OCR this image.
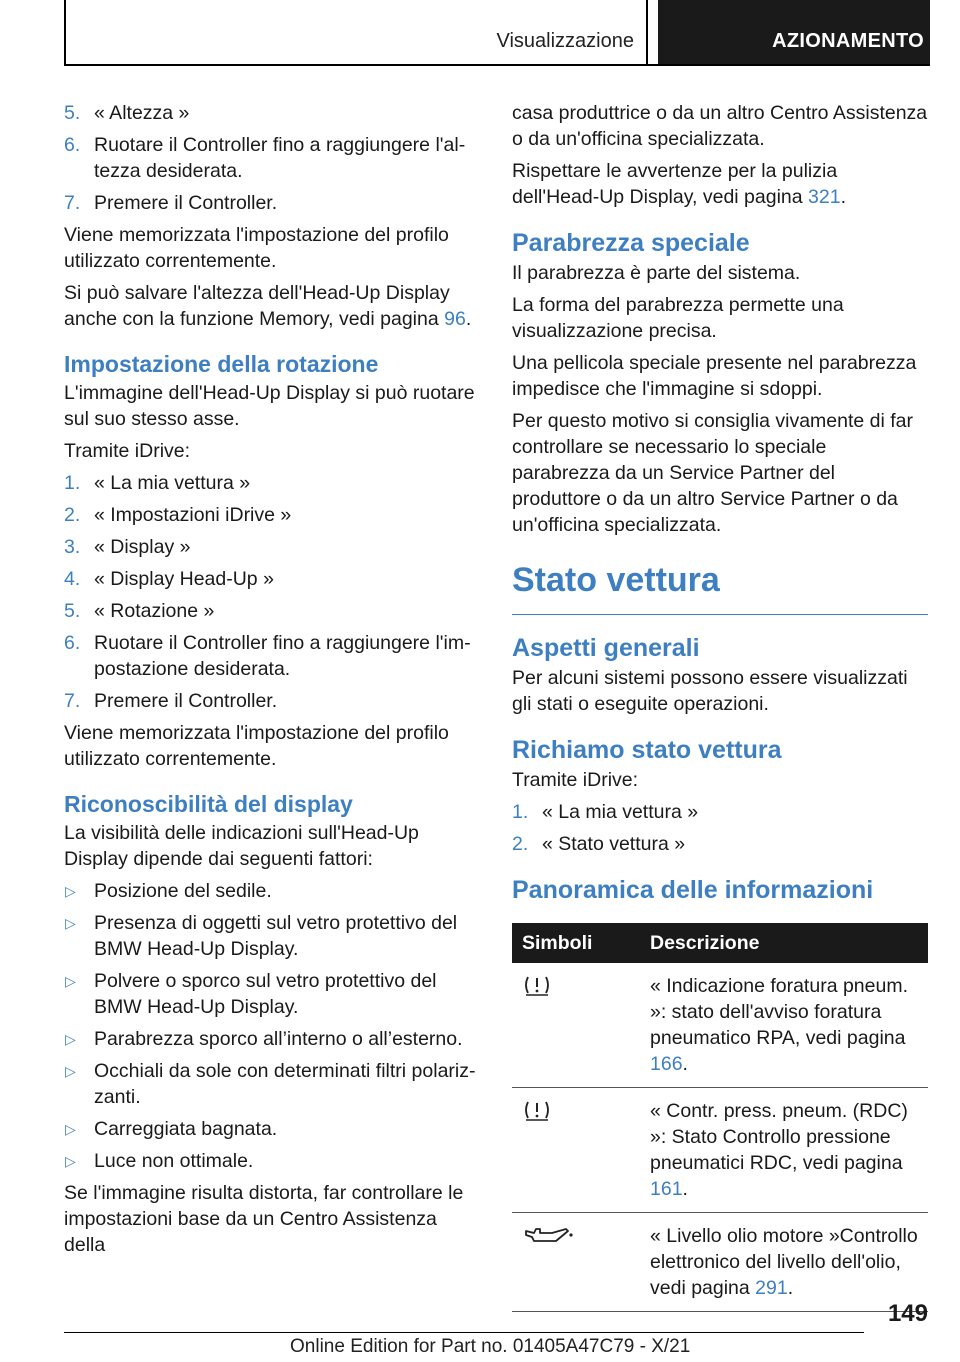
Visualizzazione	AZIONAMENTO
5. « Altezza »
6. Ruotare il Controller fino a raggiungere l'altezza desiderata.
7. Premere il Controller.

Viene memorizzata l'impostazione del profilo utilizzato correntemente.

Si può salvare l'altezza dell'Head-Up Display anche con la funzione Memory, vedi pagina 96.

Impostazione della rotazione

L'immagine dell'Head-Up Display si può ruotare sul suo stesso asse.

Tramite iDrive:

1. « La mia vettura »
2. « Impostazioni iDrive »
3. « Display »
4. « Display Head-Up »
5. « Rotazione »
6. Ruotare il Controller fino a raggiungere l'impostazione desiderata.
7. Premere il Controller.

Viene memorizzata l'impostazione del profilo utilizzato correntemente.

Riconoscibilità del display

La visibilità delle indicazioni sull'Head-Up Display dipende dai seguenti fattori:

▷ Posizione del sedile.
▷ Presenza di oggetti sul vetro protettivo del BMW Head-Up Display.
▷ Polvere o sporco sul vetro protettivo del BMW Head-Up Display.
▷ Parabrezza sporco all’interno o all’esterno.
▷ Occhiali da sole con determinati filtri polarizzanti.
▷ Carreggiata bagnata.
▷ Luce non ottimale.

Se l'immagine risulta distorta, far controllare le impostazioni base da un Centro Assistenza della

casa produttrice o da un altro Centro Assistenza o da un'officina specializzata.

Rispettare le avvertenze per la pulizia dell'Head-Up Display, vedi pagina 321.

Parabrezza speciale

Il parabrezza è parte del sistema.

La forma del parabrezza permette una visualizzazione precisa.

Una pellicola speciale presente nel parabrezza impedisce che l'immagine si sdoppi.

Per questo motivo si consiglia vivamente di far controllare se necessario lo speciale parabrezza da un Service Partner del produttore o da un altro Service Partner o da un'officina specializzata.

Stato vettura
Aspetti generali

Per alcuni sistemi possono essere visualizzati gli stati o eseguite operazioni.

Richiamo stato vettura

Tramite iDrive:

1. « La mia vettura »
2. « Stato vettura »
Panoramica delle informazioni
Simboli	Descrizione
	« Indicazione foratura pneum. »: stato dell'avviso foratura pneumatico RPA, vedi pagina 166.
	« Contr. press. pneum. (RDC) »: Stato Controllo pressione pneumatici RDC, vedi pagina 161.
	« Livello olio motore »Controllo elettronico del livello dell'olio, vedi pagina 291.
149
Online Edition for Part no. 01405A47C79 - X/21
